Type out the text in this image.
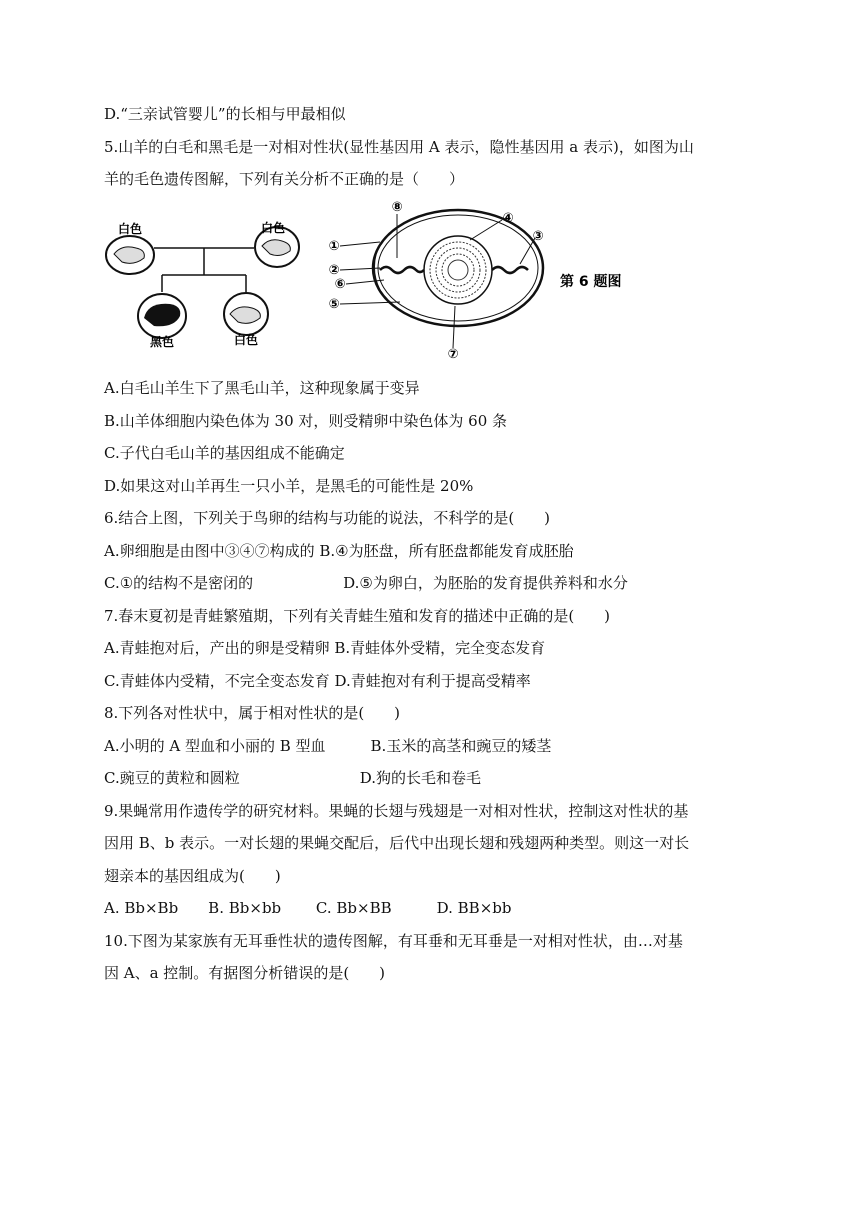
D.“三亲试管婴儿”的长相与甲最相似
5.山羊的白毛和黑毛是一对相对性状(显性基因用 A 表示，隐性基因用 a 表示)，如图为山
羊的毛色遗传图解，下列有关分析不正确的是（　　）
白色	白色
黑色	白色
①
②
⑥
⑤
⑧
④
③
⑦
第 6 题图
A.白毛山羊生下了黑毛山羊，这种现象属于变异
B.山羊体细胞内染色体为 30 对，则受精卵中染色体为 60 条
C.子代白毛山羊的基因组成不能确定
D.如果这对山羊再生一只小羊，是黑毛的可能性是 20%
6.结合上图，下列关于鸟卵的结构与功能的说法，不科学的是(　　)
A.卵细胞是由图中③④⑦构成的 B.④为胚盘，所有胚盘都能发育成胚胎
C.①的结构不是密闭的　　　　　　D.⑤为卵白，为胚胎的发育提供养料和水分
7.春末夏初是青蛙繁殖期，下列有关青蛙生殖和发育的描述中正确的是(　　)
A.青蛙抱对后，产出的卵是受精卵 B.青蛙体外受精，完全变态发育
C.青蛙体内受精，不完全变态发育 D.青蛙抱对有利于提高受精率
8.下列各对性状中，属于相对性状的是(　　)
A.小明的 A 型血和小丽的 B 型血　　　B.玉米的高茎和豌豆的矮茎
C.豌豆的黄粒和圆粒　　　　　　　　D.狗的长毛和卷毛
9.果蝇常用作遗传学的研究材料。果蝇的长翅与残翅是一对相对性状，控制这对性状的基
因用 B、b 表示。一对长翅的果蝇交配后，后代中出现长翅和残翅两种类型。则这一对长
翅亲本的基因组成为(　　)
A. Bb×Bb　　B. Bb×bb　　 C. Bb×BB　　　D. BB×bb
10.下图为某家族有无耳垂性状的遗传图解，有耳垂和无耳垂是一对相对性状，由…对基
因 A、a 控制。有据图分析错误的是(　　)
